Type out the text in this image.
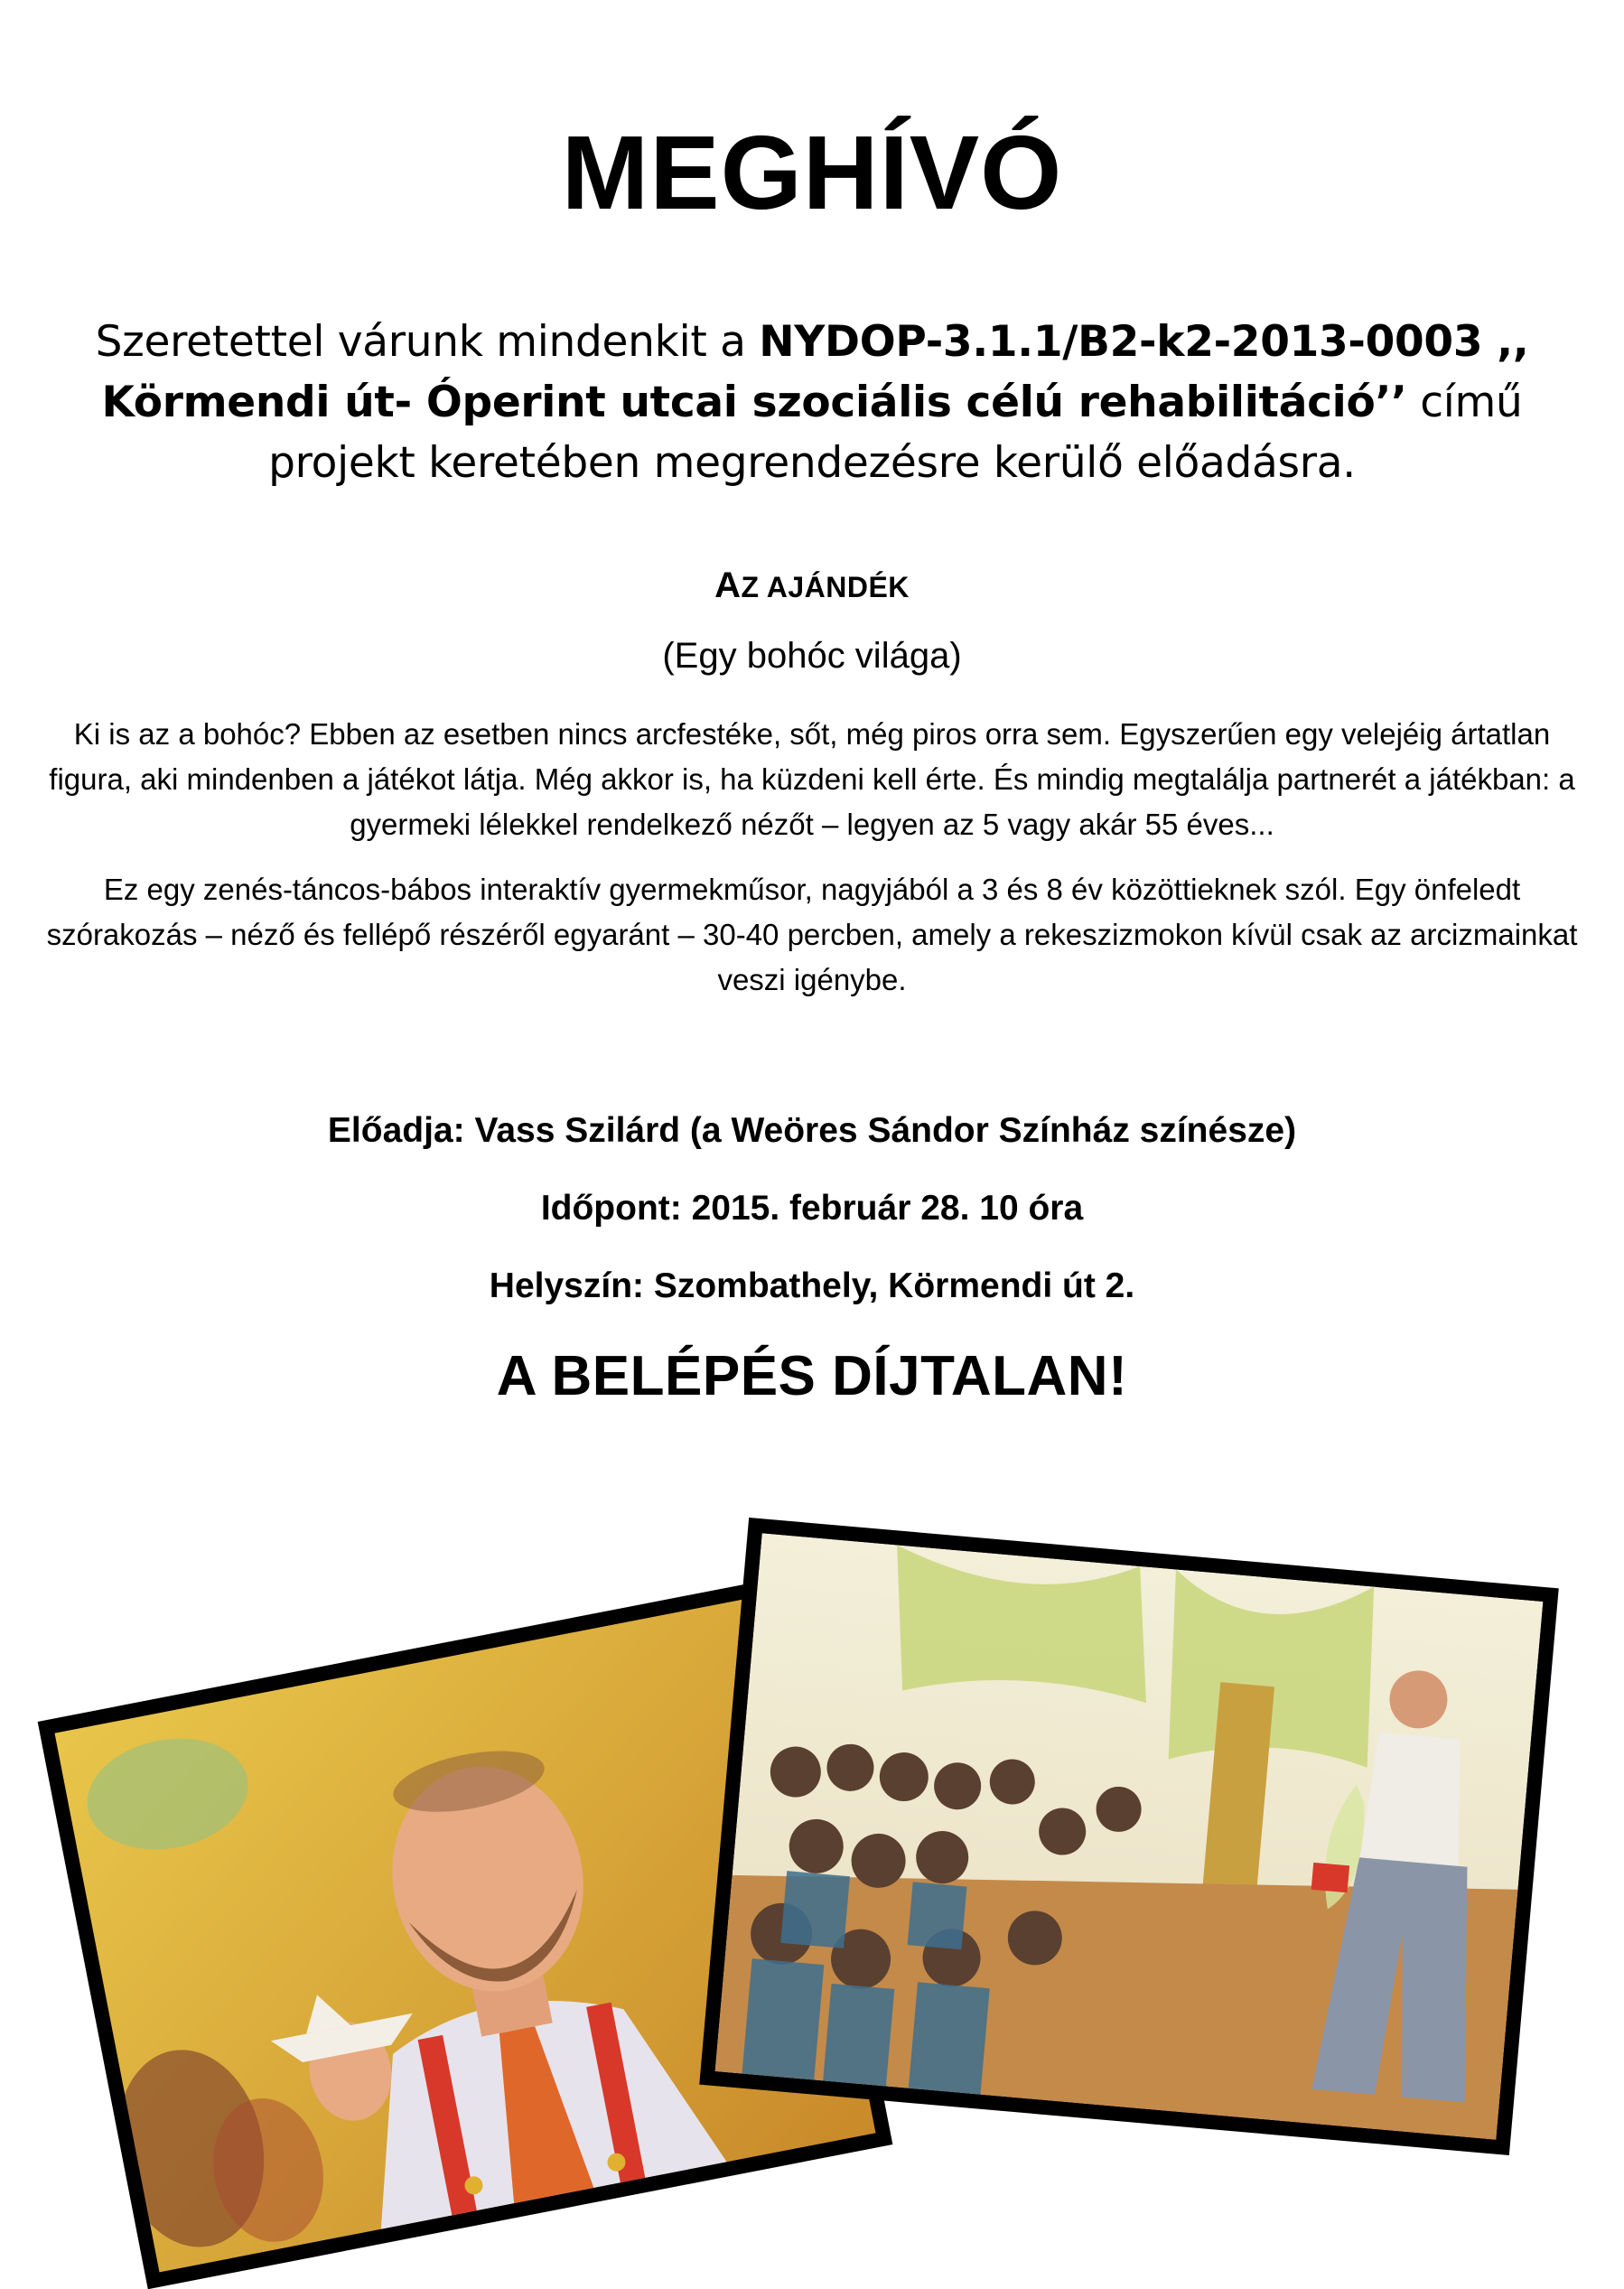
MEGHÍVÓ
Szeretettel várunk mindenkit a NYDOP-3.1.1/B2-k2-2013-0003 ,, Körmendi út- Óperint utcai szociális célú rehabilitáció’’ című projekt keretében megrendezésre kerülő előadásra.
AZ AJÁNDÉK
(Egy bohóc világa)
Ki is az a bohóc? Ebben az esetben nincs arcfestéke, sőt, még piros orra sem. Egyszerűen egy velejéig ártatlan figura, aki mindenben a játékot látja. Még akkor is, ha küzdeni kell érte. És mindig megtalálja partnerét a játékban: a gyermeki lélekkel rendelkező nézőt – legyen az 5 vagy akár 55 éves...
Ez egy zenés-táncos-bábos interaktív gyermekműsor, nagyjából a 3 és 8 év közöttieknek szól. Egy önfeledt szórakozás – néző és fellépő részéről egyaránt – 30-40 percben, amely a rekeszizmokon kívül csak az arcizmainkat veszi igénybe.
Előadja: Vass Szilárd (a Weöres Sándor Színház színésze)
Időpont: 2015. február 28. 10 óra
Helyszín: Szombathely, Körmendi út 2.
A BELÉPÉS DÍJTALAN!
